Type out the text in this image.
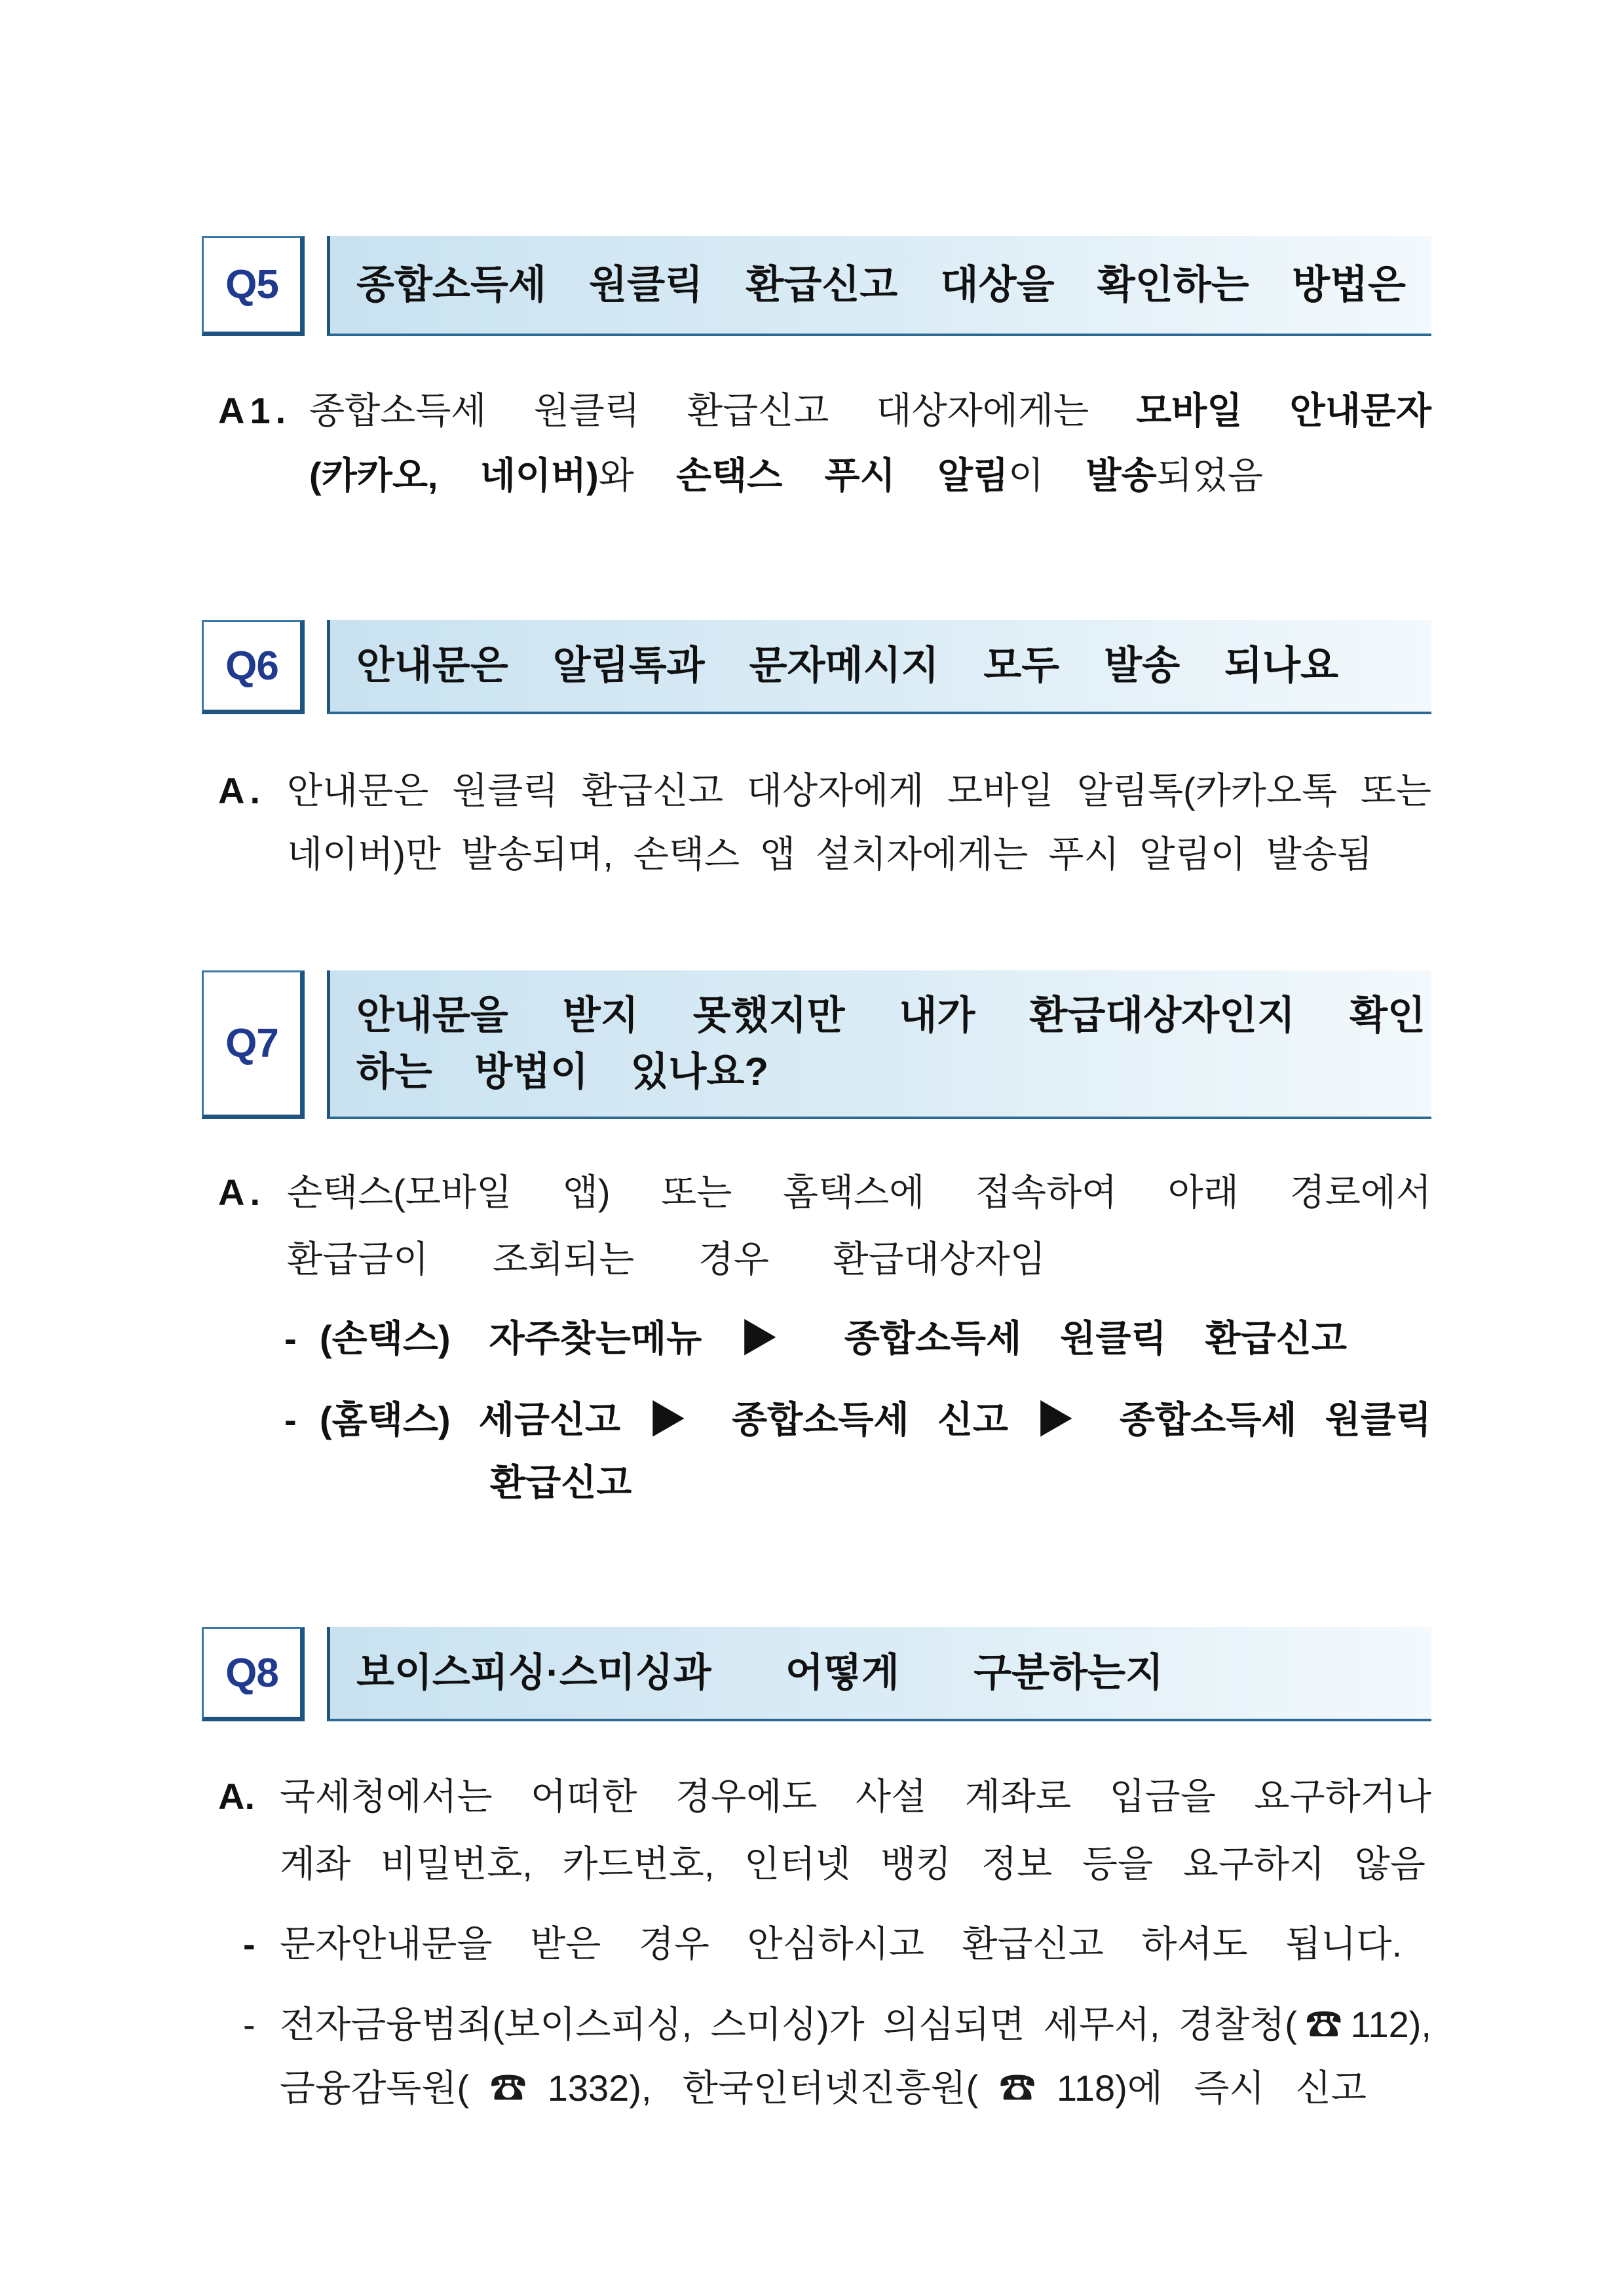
Q5 종합소득세 원클릭 환급신고 대상을 확인하는 방법은
A1. 종합소득세 원클릭 환급신고 대상자에게는 모바일 안내문자
(카카오, 네이버)와 손택스 푸시 알림이 발송되었음
Q6 안내문은 알림톡과 문자메시지 모두 발송 되나요
A. 안내문은 원클릭 환급신고 대상자에게 모바일 알림톡(카카오톡 또는
네이버)만 발송되며, 손택스 앱 설치자에게는 푸시 알림이 발송됨
Q7
안내문을 받지 못했지만 내가 환급대상자인지 확인
하는 방법이 있나요?
A. 손택스(모바일 앱) 또는 홈택스에 접속하여 아래 경로에서
환급금이 조회되는 경우 환급대상자임
- (손택스) 자주찾는메뉴 ▶ 종합소득세 원클릭 환급신고
- (홈택스) 세금신고 ▶ 종합소득세 신고 ▶ 종합소득세 원클릭
환급신고
Q8 보이스피싱·스미싱과 어떻게 구분하는지
A. 국세청에서는 어떠한 경우에도 사설 계좌로 입금을 요구하거나
계좌 비밀번호, 카드번호, 인터넷 뱅킹 정보 등을 요구하지 않음
- 문자안내문을 받은 경우 안심하시고 환급신고 하셔도 됩니다.
- 전자금융범죄(보이스피싱, 스미싱)가 의심되면 세무서, 경찰청(☎112),
금융감독원(☎1332), 한국인터넷진흥원(☎118)에 즉시 신고
